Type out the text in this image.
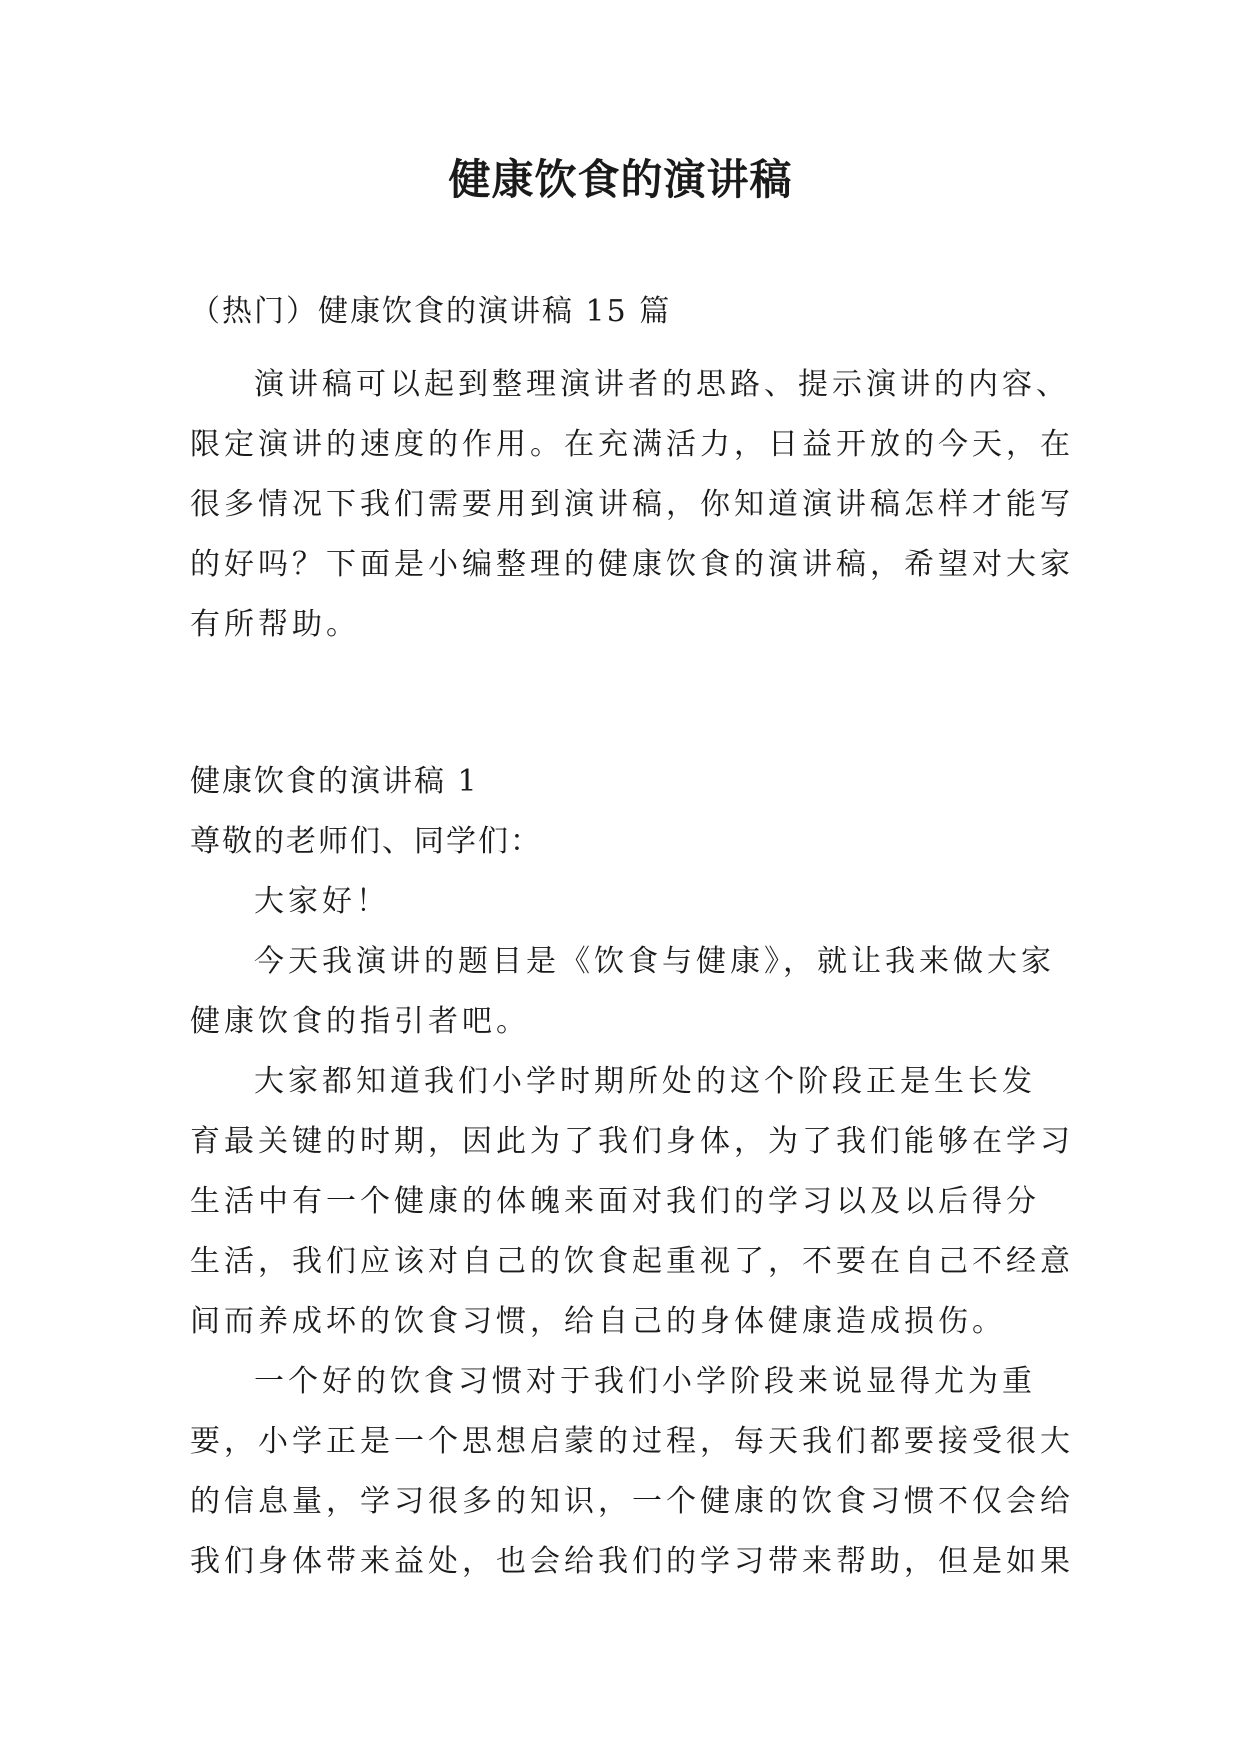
健康饮食的演讲稿

（热门）健康饮食的演讲稿 15 篇

演讲稿可以起到整理演讲者的思路、提示演讲的内容、
限定演讲的速度的作用。在充满活力，日益开放的今天，在
很多情况下我们需要用到演讲稿，你知道演讲稿怎样才能写
的好吗？下面是小编整理的健康饮食的演讲稿，希望对大家
有所帮助。

健康饮食的演讲稿 1

尊敬的老师们、同学们：

大家好！
今天我演讲的题目是《饮食与健康》，就让我来做大家
健康饮食的指引者吧。
大家都知道我们小学时期所处的这个阶段正是生长发
育最关键的时期，因此为了我们身体，为了我们能够在学习
生活中有一个健康的体魄来面对我们的学习以及以后得分
生活，我们应该对自己的饮食起重视了，不要在自己不经意
间而养成坏的饮食习惯，给自己的身体健康造成损伤。
一个好的饮食习惯对于我们小学阶段来说显得尤为重
要，小学正是一个思想启蒙的过程，每天我们都要接受很大
的信息量，学习很多的知识，一个健康的饮食习惯不仅会给
我们身体带来益处，也会给我们的学习带来帮助，但是如果
